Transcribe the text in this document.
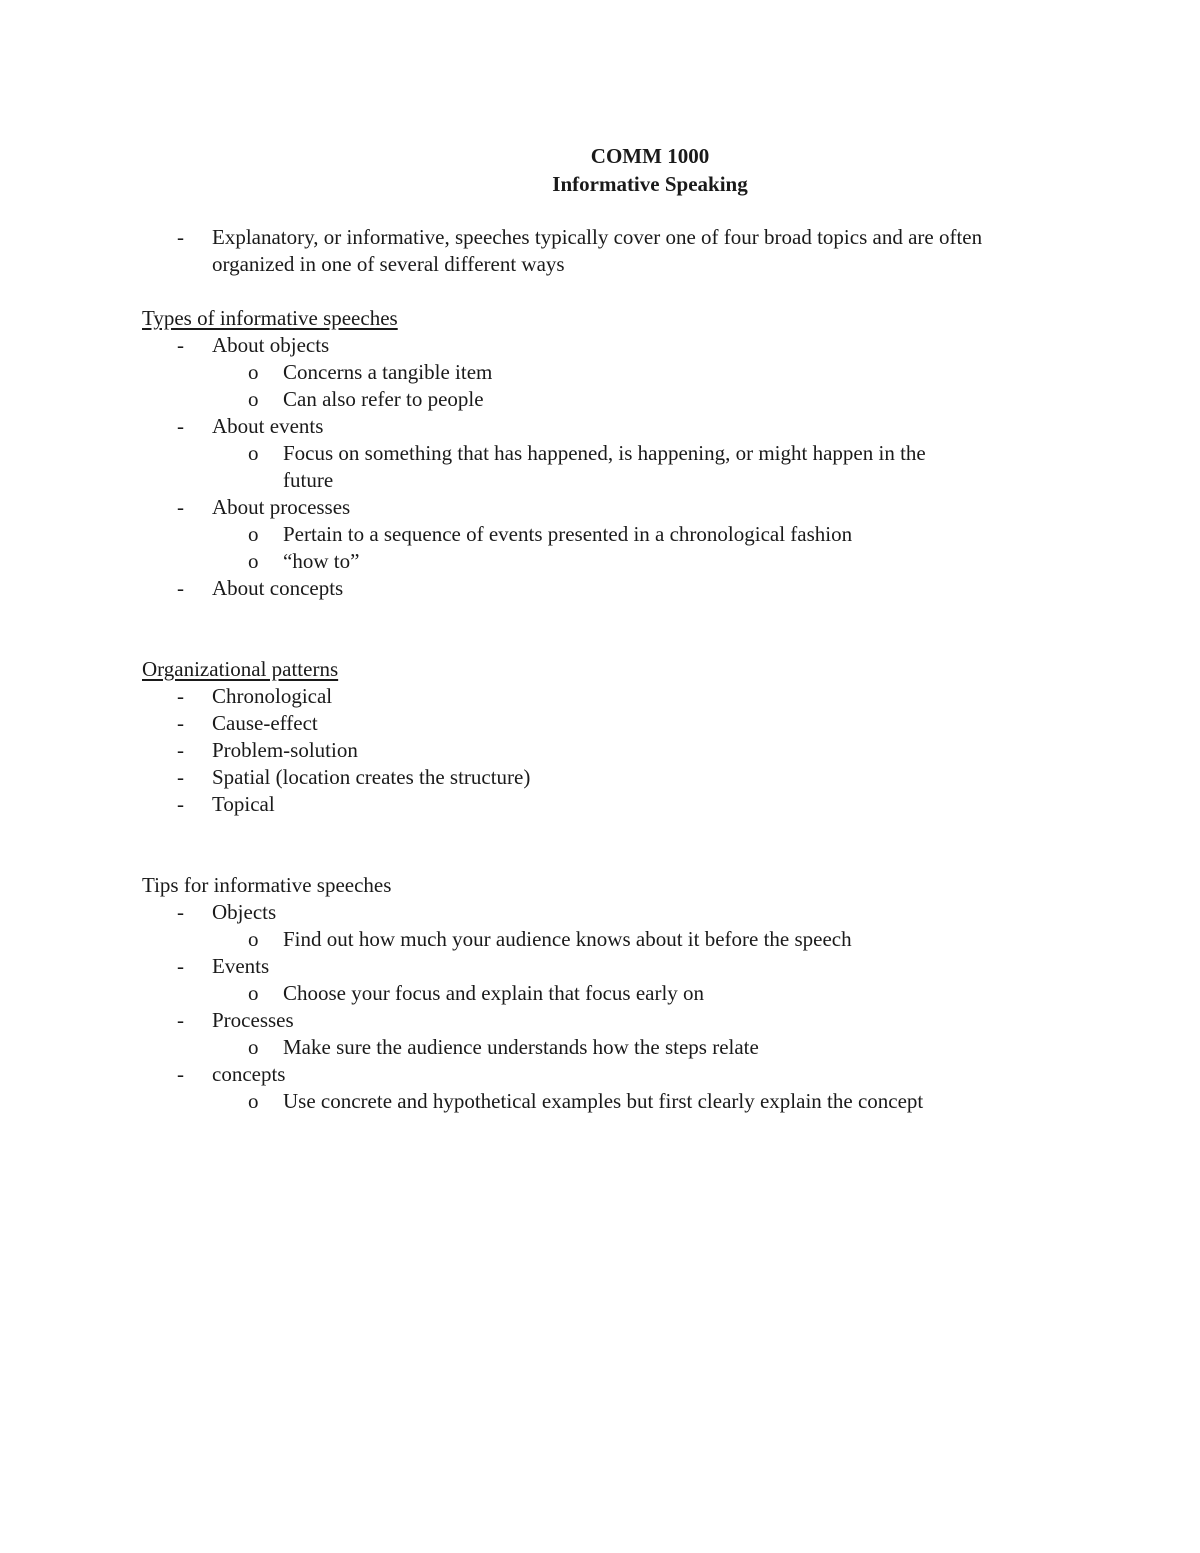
COMM 1000
Informative Speaking
- Explanatory, or informative, speeches typically cover one of four broad topics and are often organized in one of several different ways
Types of informative speeches
- About objects
o Concerns a tangible item
o Can also refer to people
- About events
o Focus on something that has happened, is happening, or might happen in the future
- About processes
o Pertain to a sequence of events presented in a chronological fashion
o “how to”
- About concepts
Organizational patterns
- Chronological
- Cause-effect
- Problem-solution
- Spatial (location creates the structure)
- Topical
Tips for informative speeches
- Objects
o Find out how much your audience knows about it before the speech
- Events
o Choose your focus and explain that focus early on
- Processes
o Make sure the audience understands how the steps relate
- concepts
o Use concrete and hypothetical examples but first clearly explain the concept
